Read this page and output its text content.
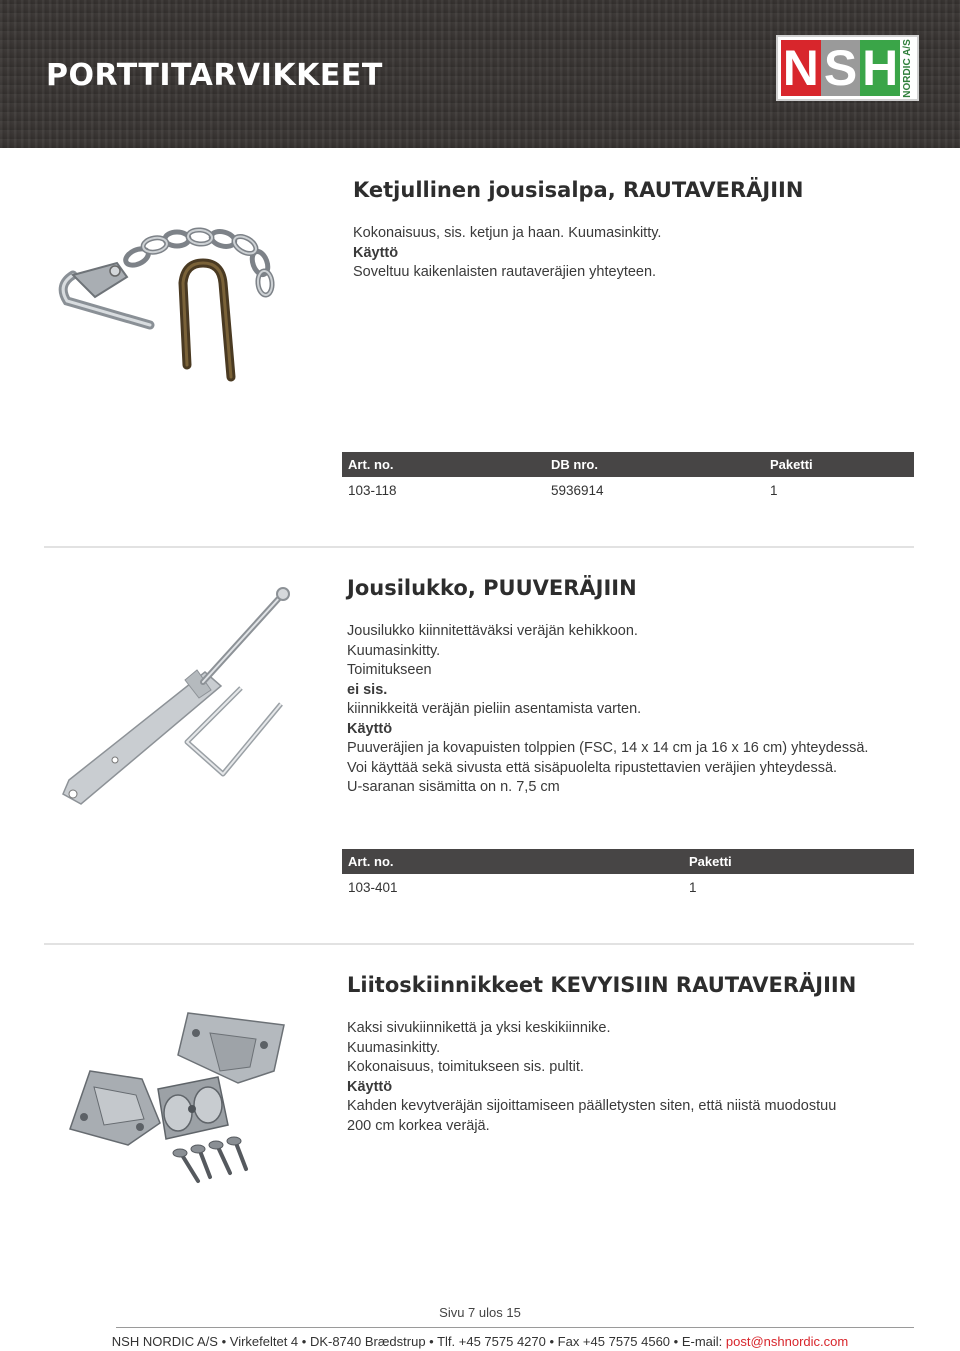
PORTTITARVIKKEET	N S H NORDIC A/S
Ketjullinen jousisalpa, RAUTAVERÄJIIN
Kokonaisuus, sis. ketjun ja haan. Kuumasinkitty.
Käyttö
Soveltuu kaikenlaisten rautaveräjien yhteyteen.
Art. no.	DB nro.	Paketti
103-118	5936914	1
Jousilukko, PUUVERÄJIIN
Jousilukko kiinnitettäväksi veräjän kehikkoon.
Kuumasinkitty.
Toimitukseen
ei sis.
kiinnikkeitä veräjän pieliin asentamista varten.
Käyttö
Puuveräjien ja kovapuisten tolppien (FSC, 14 x 14 cm ja 16 x 16 cm) yhteydessä.
Voi käyttää sekä sivusta että sisäpuolelta ripustettavien veräjien yhteydessä.
U-saranan sisämitta on n. 7,5 cm
Art. no.	Paketti
103-401	1
Liitoskiinnikkeet KEVYISIIN RAUTAVERÄJIIN
Kaksi sivukiinnikettä ja yksi keskikiinnike.
Kuumasinkitty.
Kokonaisuus, toimitukseen sis. pultit.
Käyttö
Kahden kevytveräjän sijoittamiseen päälletysten siten, että niistä muodostuu
200 cm korkea veräjä.
Sivu 7 ulos 15
NSH NORDIC A/S • Virkefeltet 4 • DK-8740 Brædstrup • Tlf. +45 7575 4270 • Fax +45 7575 4560 • E-mail: post@nshnordic.com
